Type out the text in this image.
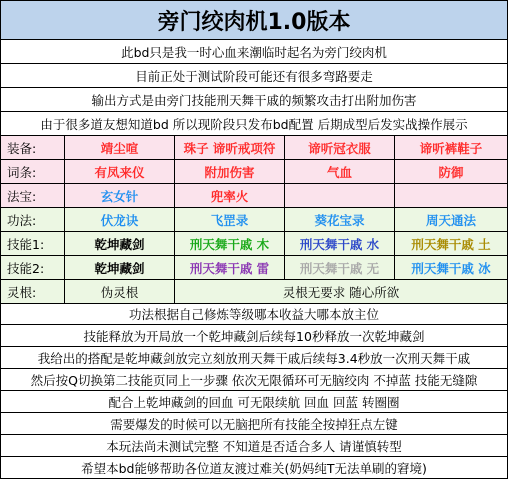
旁门绞肉机1.0版本
此bd只是我一时心血来潮临时起名为旁门绞肉机
目前正处于测试阶段可能还有很多弯路要走
输出方式是由旁门技能刑天舞干戚的频繁攻击打出附加伤害
由于很多道友想知道bd 所以现阶段只发布bd配置 后期成型后发实战操作展示
装备:	靖尘喧	珠子 谛听戒项符	谛听冠衣服	谛听裤鞋子
词条:	有凤来仪	附加伤害	气血	防御
法宝:	玄女针	兜率火
功法:	伏龙诀	飞罡录	葵花宝录	周天通法
技能1:	乾坤藏剑	刑天舞干戚 木	刑天舞干戚 水	刑天舞干戚 土
技能2:	乾坤藏剑	刑天舞干戚 雷	刑天舞干戚 无	刑天舞干戚 冰
灵根:	伪灵根	灵根无要求 随心所欲
功法根据自己修炼等级哪本收益大哪本放主位
技能释放为开局放一个乾坤藏剑后续每10秒释放一次乾坤藏剑
我给出的搭配是乾坤藏剑放完立刻放刑天舞干戚后续每3.4秒放一次刑天舞干戚
然后按Q切换第二技能页同上一步骤 依次无限循环可无脑绞肉 不掉蓝 技能无缝隙
配合上乾坤藏剑的回血 可无限续航 回血 回蓝 转圈圈
需要爆发的时候可以无脑把所有技能全按掉狂点左键
本玩法尚未测试完整 不知道是否适合多人 请谨慎转型
希望本bd能够帮助各位道友渡过难关(奶妈纯T无法单刷的窘境)
